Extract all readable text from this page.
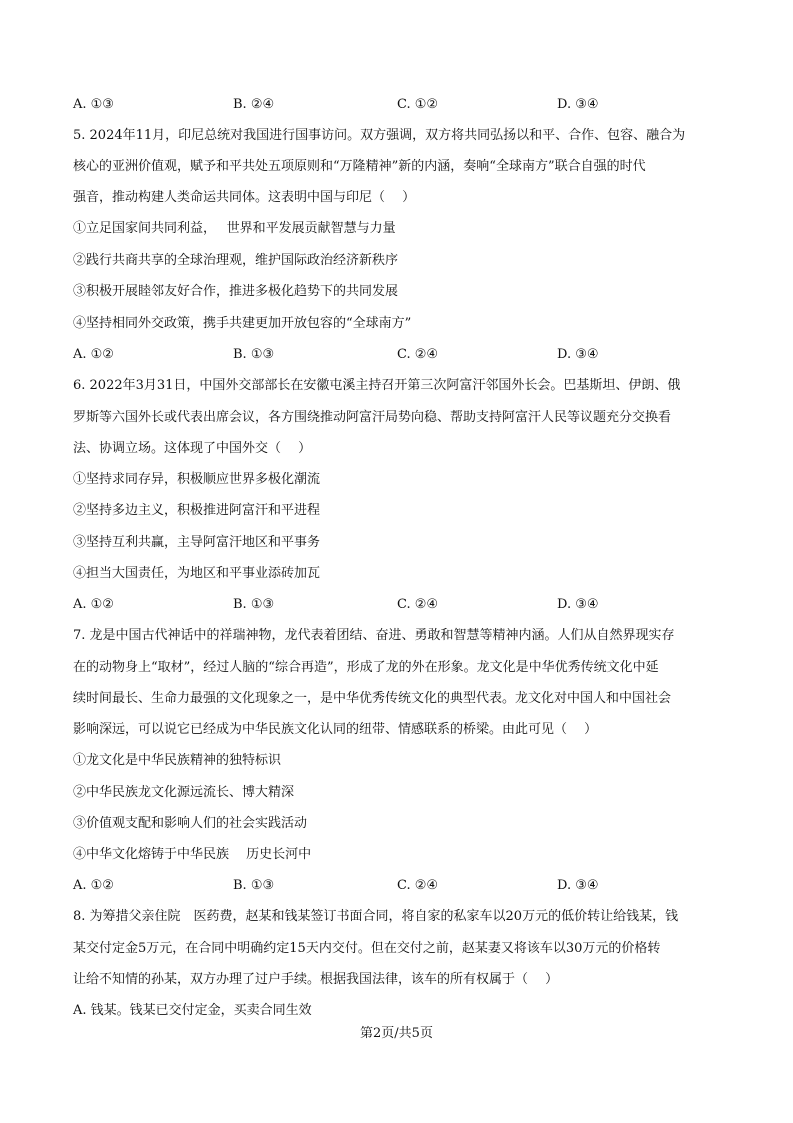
A. ①③	B. ②④	C. ①②	D. ③④
5. 2024年11月，印尼总统对我国进行国事访问。双方强调，双方将共同弘扬以和平、合作、包容、融合为
核心的亚洲价值观，赋予和平共处五项原则和“万隆精神”新的内涵，奏响“全球南方”联合自强的时代
强音，推动构建人类命运共同体。这表明中国与印尼（　 ）
①立足国家间共同利益，　 世界和平发展贡献智慧与力量
②践行共商共享的全球治理观，维护国际政治经济新秩序
③积极开展睦邻友好合作，推进多极化趋势下的共同发展
④坚持相同外交政策，携手共建更加开放包容的“全球南方”
A. ①②	B. ①③	C. ②④	D. ③④
6. 2022年3月31日，中国外交部部长在安徽屯溪主持召开第三次阿富汗邻国外长会。巴基斯坦、伊朗、俄
罗斯等六国外长或代表出席会议，各方围绕推动阿富汗局势向稳、帮助支持阿富汗人民等议题充分交换看
法、协调立场。这体现了中国外交（　 ）
①坚持求同存异，积极顺应世界多极化潮流
②坚持多边主义，积极推进阿富汗和平进程
③坚持互利共赢，主导阿富汗地区和平事务
④担当大国责任，为地区和平事业添砖加瓦
A. ①②	B. ①③	C. ②④	D. ③④
7. 龙是中国古代神话中的祥瑞神物，龙代表着团结、奋进、勇敢和智慧等精神内涵。人们从自然界现实存
在的动物身上“取材”，经过人脑的“综合再造”，形成了龙的外在形象。龙文化是中华优秀传统文化中延
续时间最长、生命力最强的文化现象之一，是中华优秀传统文化的典型代表。龙文化对中国人和中国社会
影响深远，可以说它已经成为中华民族文化认同的纽带、情感联系的桥梁。由此可见（　 ）
①龙文化是中华民族精神的独特标识
②中华民族龙文化源远流长、博大精深
③价值观支配和影响人们的社会实践活动
④中华文化熔铸于中华民族　 历史长河中
A. ①②	B. ①③	C. ②④	D. ③④
8. 为筹措父亲住院　医药费，赵某和钱某签订书面合同，将自家的私家车以20万元的低价转让给钱某，钱
某交付定金5万元，在合同中明确约定15天内交付。但在交付之前，赵某妻又将该车以30万元的价格转
让给不知情的孙某，双方办理了过户手续。根据我国法律，该车的所有权属于（　 ）
A. 钱某。钱某已交付定金，买卖合同生效
第2页/共5页
